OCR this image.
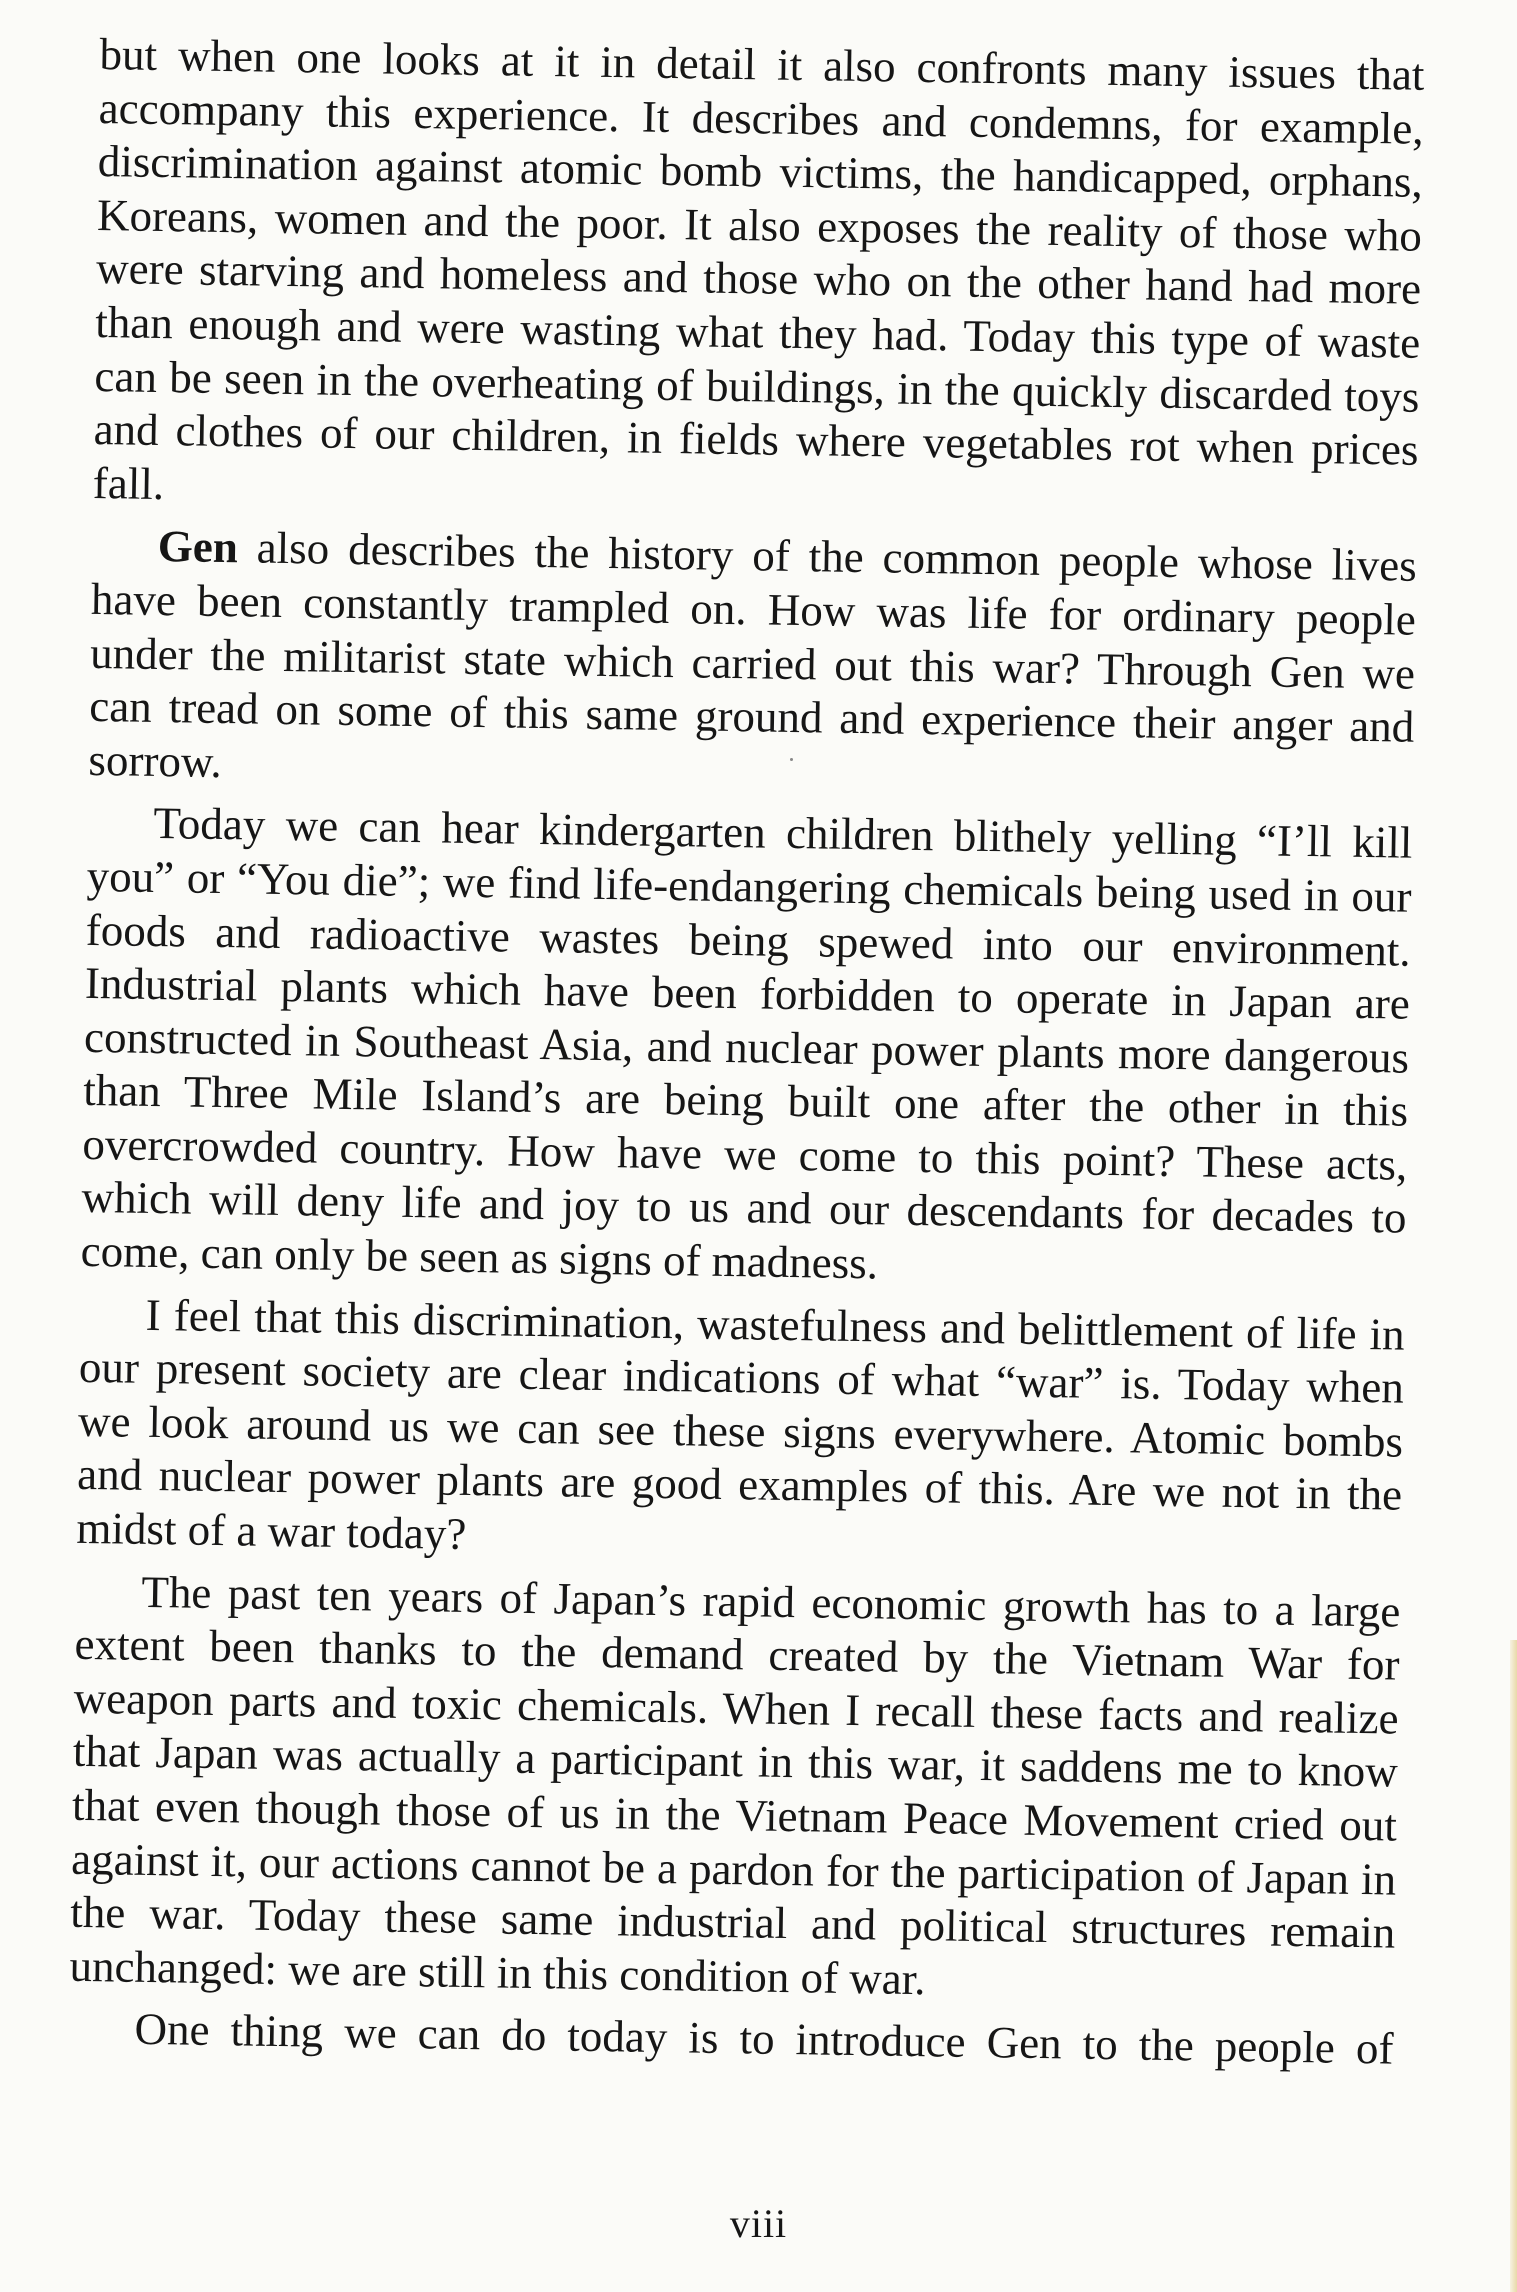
but when one looks at it in detail it also confronts many issues that accompany this experience. It describes and condemns, for example, discrimination against atomic bomb victims, the handicapped, orphans, Koreans, women and the poor. It also exposes the reality of those who were starving and homeless and those who on the other hand had more than enough and were wasting what they had. Today this type of waste can be seen in the overheating of buildings, in the quickly discarded toys and clothes of our children, in fields where vegetables rot when prices fall.

Gen also describes the history of the common people whose lives have been constantly trampled on. How was life for ordinary people under the militarist state which carried out this war? Through Gen we can tread on some of this same ground and experience their anger and sorrow.

Today we can hear kindergarten children blithely yelling “I’ll kill you” or “You die”; we find life-endangering chemicals being used in our foods and radioactive wastes being spewed into our environment. Industrial plants which have been forbidden to operate in Japan are constructed in Southeast Asia, and nuclear power plants more dangerous than Three Mile Island’s are being built one after the other in this overcrowded country. How have we come to this point? These acts, which will deny life and joy to us and our descendants for decades to come, can only be seen as signs of madness.

I feel that this discrimination, wastefulness and belittlement of life in our present society are clear indications of what “war” is. Today when we look around us we can see these signs everywhere. Atomic bombs and nuclear power plants are good examples of this. Are we not in the midst of a war today?

The past ten years of Japan’s rapid economic growth has to a large extent been thanks to the demand created by the Vietnam War for weapon parts and toxic chemicals. When I recall these facts and realize that Japan was actually a participant in this war, it saddens me to know that even though those of us in the Vietnam Peace Movement cried out against it, our actions cannot be a pardon for the participation of Japan in the war. Today these same industrial and political structures remain unchanged: we are still in this condition of war.

One thing we can do today is to introduce Gen to the people of

viii
